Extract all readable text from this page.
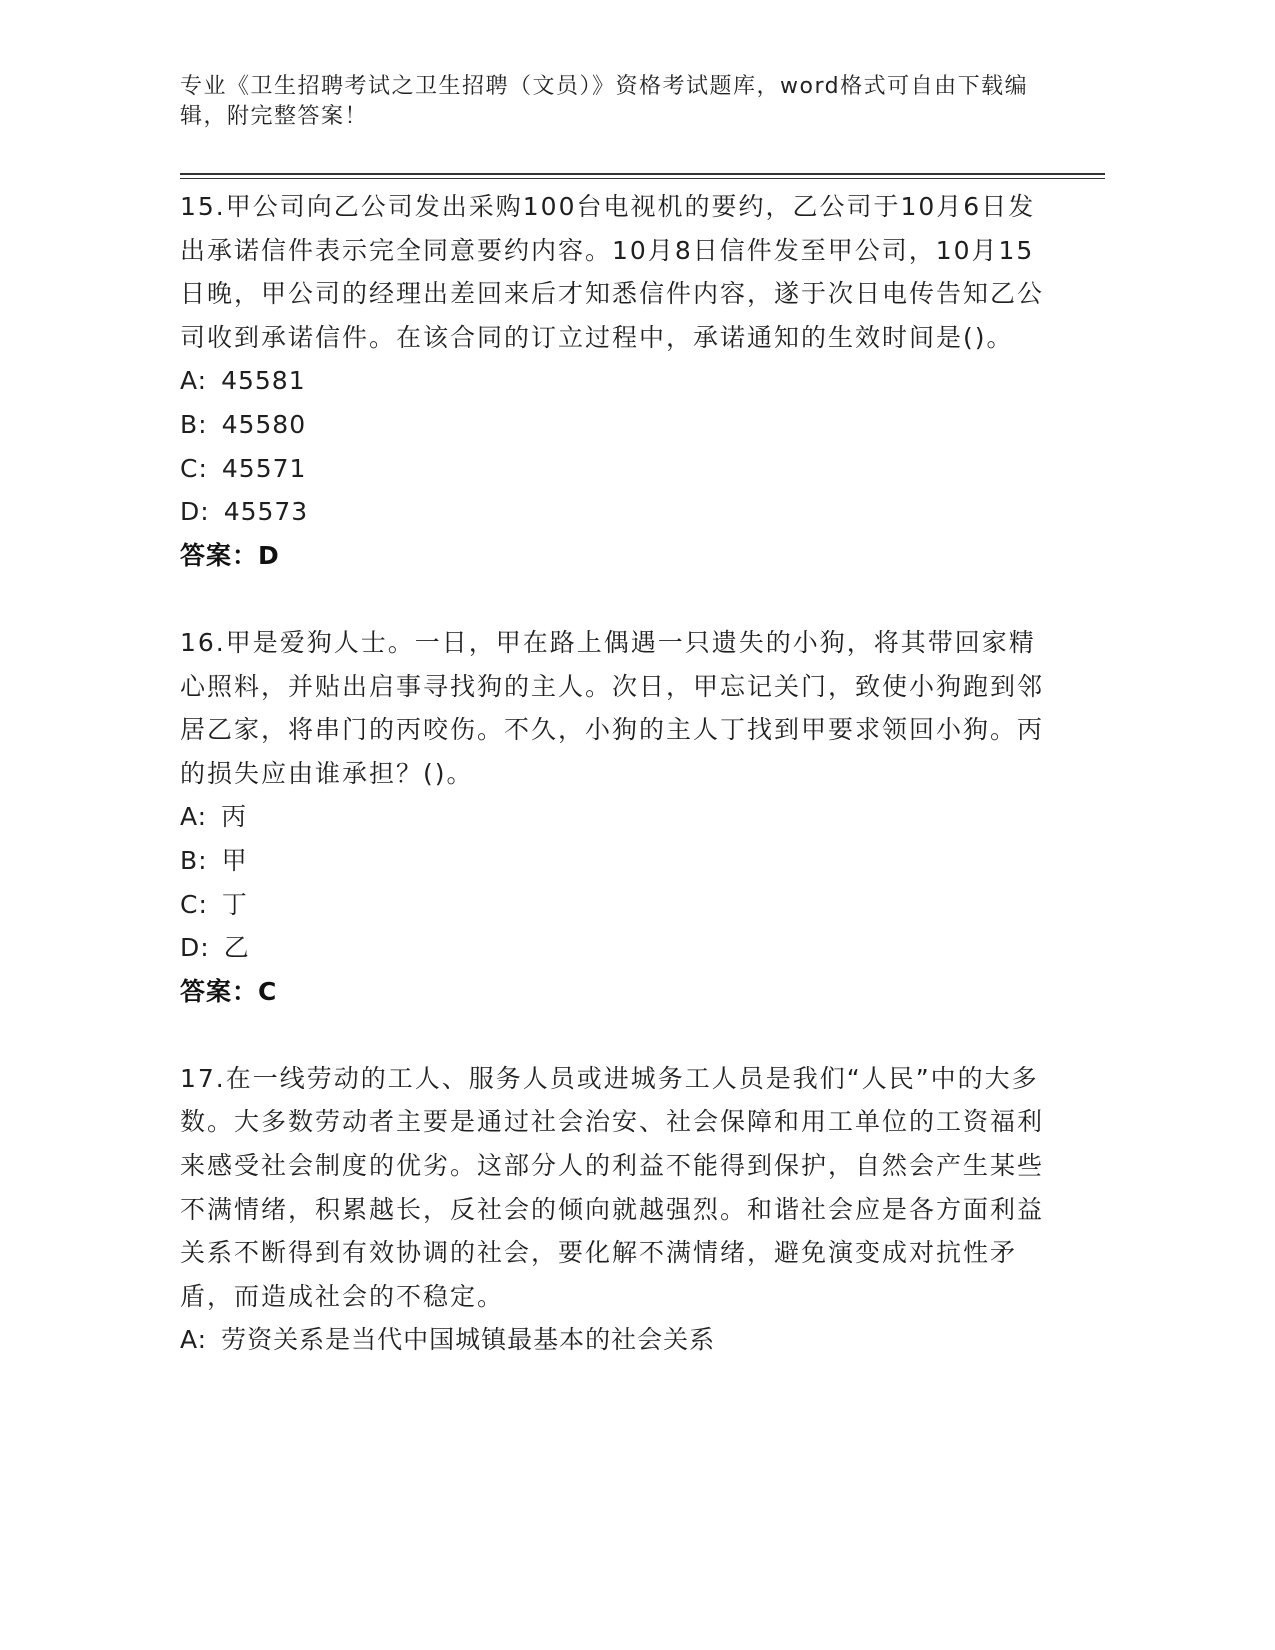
专业《卫生招聘考试之卫生招聘（文员）》资格考试题库，word格式可自由下载编辑，附完整答案！
15.甲公司向乙公司发出采购100台电视机的要约，乙公司于10月6日发出承诺信件表示完全同意要约内容。10月8日信件发至甲公司，10月15日晚，甲公司的经理出差回来后才知悉信件内容，遂于次日电传告知乙公司收到承诺信件。在该合同的订立过程中，承诺通知的生效时间是()。
A: 45581
B: 45580
C: 45571
D: 45573
答案：D
16.甲是爱狗人士。一日，甲在路上偶遇一只遗失的小狗，将其带回家精心照料，并贴出启事寻找狗的主人。次日，甲忘记关门，致使小狗跑到邻居乙家，将串门的丙咬伤。不久，小狗的主人丁找到甲要求领回小狗。丙的损失应由谁承担？()。
A: 丙
B: 甲
C: 丁
D: 乙
答案：C
17.在一线劳动的工人、服务人员或进城务工人员是我们“人民”中的大多数。大多数劳动者主要是通过社会治安、社会保障和用工单位的工资福利来感受社会制度的优劣。这部分人的利益不能得到保护，自然会产生某些不满情绪，积累越长，反社会的倾向就越强烈。和谐社会应是各方面利益关系不断得到有效协调的社会，要化解不满情绪，避免演变成对抗性矛盾，而造成社会的不稳定。
A: 劳资关系是当代中国城镇最基本的社会关系
